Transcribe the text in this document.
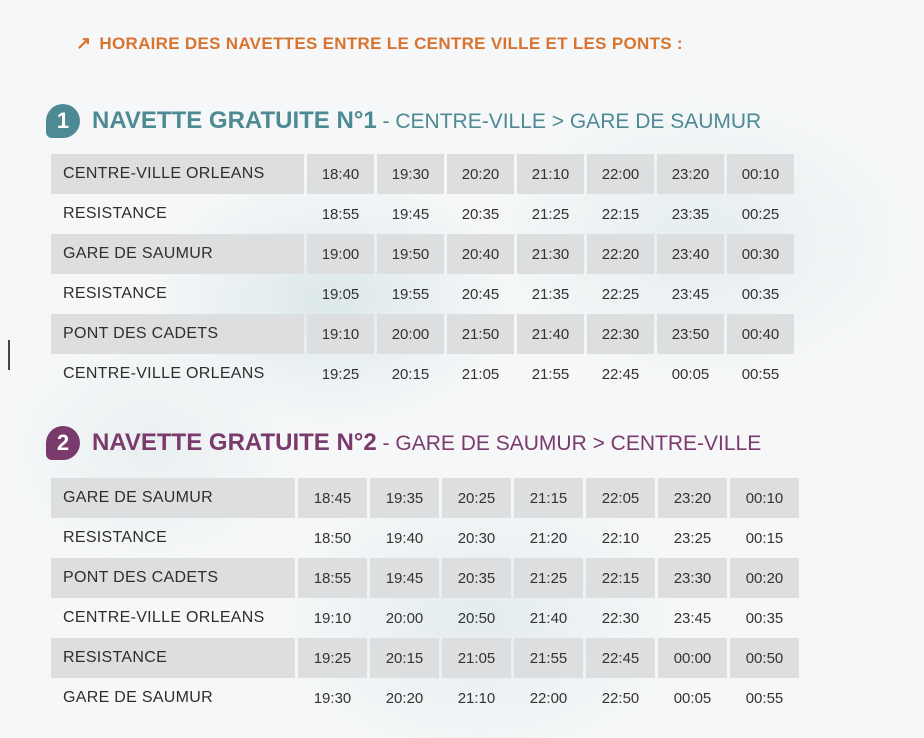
↗ HORAIRE DES NAVETTES ENTRE LE CENTRE VILLE ET LES PONTS :
1 NAVETTE GRATUITE N°1 - CENTRE-VILLE > GARE DE SAUMUR
CENTRE-VILLE ORLEANS	18:40	19:30	20:20	21:10	22:00	23:20	00:10
RESISTANCE	18:55	19:45	20:35	21:25	22:15	23:35	00:25
GARE DE SAUMUR	19:00	19:50	20:40	21:30	22:20	23:40	00:30
RESISTANCE	19:05	19:55	20:45	21:35	22:25	23:45	00:35
PONT DES CADETS	19:10	20:00	21:50	21:40	22:30	23:50	00:40
CENTRE-VILLE ORLEANS	19:25	20:15	21:05	21:55	22:45	00:05	00:55
2 NAVETTE GRATUITE N°2 - GARE DE SAUMUR > CENTRE-VILLE
GARE DE SAUMUR	18:45	19:35	20:25	21:15	22:05	23:20	00:10
RESISTANCE	18:50	19:40	20:30	21:20	22:10	23:25	00:15
PONT DES CADETS	18:55	19:45	20:35	21:25	22:15	23:30	00:20
CENTRE-VILLE ORLEANS	19:10	20:00	20:50	21:40	22:30	23:45	00:35
RESISTANCE	19:25	20:15	21:05	21:55	22:45	00:00	00:50
GARE DE SAUMUR	19:30	20:20	21:10	22:00	22:50	00:05	00:55
